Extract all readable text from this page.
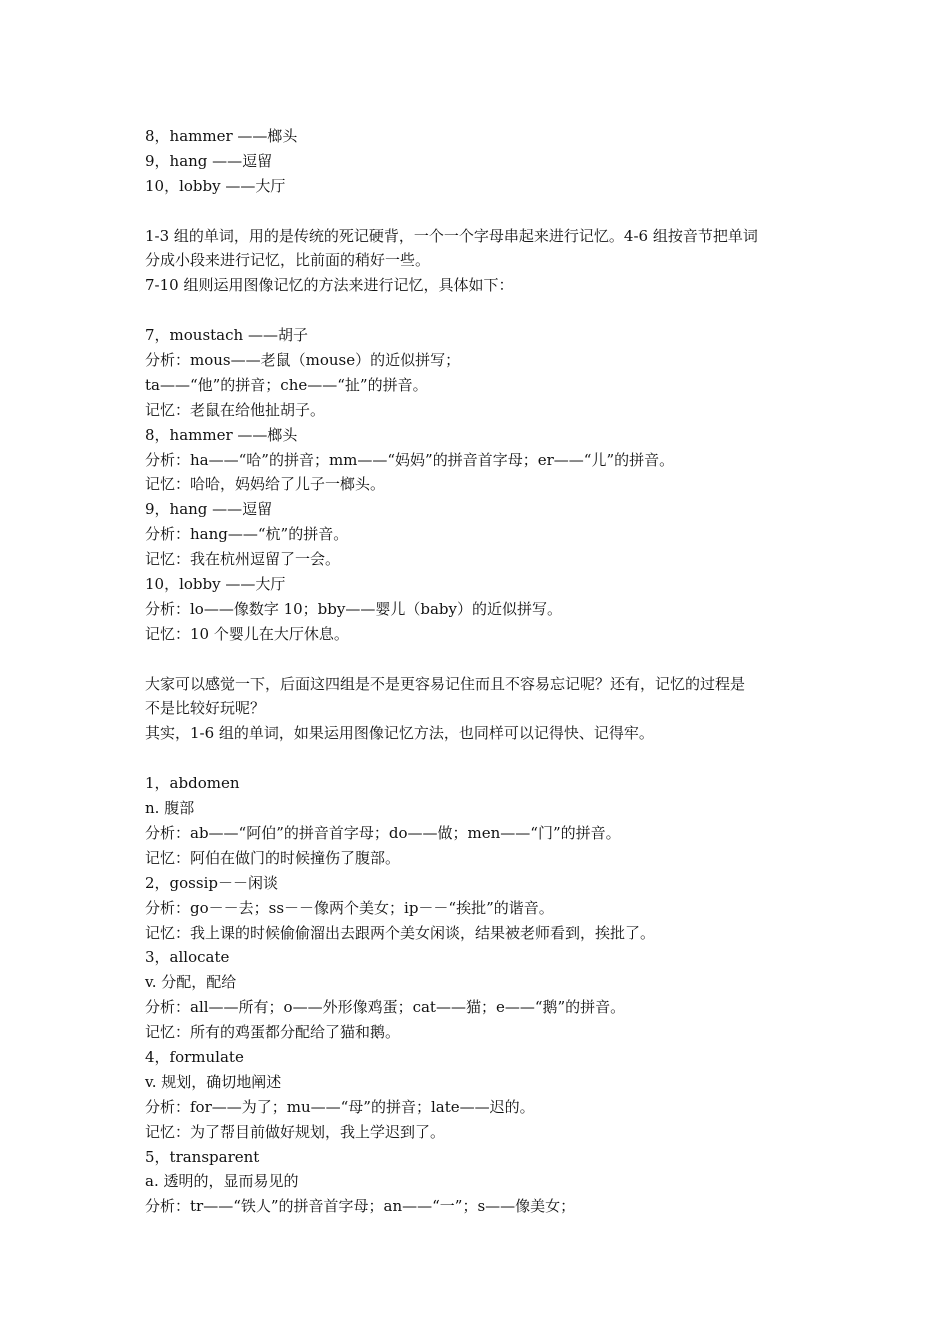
8，hammer ——榔头
9，hang ——逗留
10，lobby ——大厅
1-3 组的单词，用的是传统的死记硬背，一个一个字母串起来进行记忆。4-6 组按音节把单词
分成小段来进行记忆，比前面的稍好一些。
7-10 组则运用图像记忆的方法来进行记忆，具体如下：
7，moustach ——胡子
分析：mous——老鼠（mouse）的近似拼写；
ta——“他”的拼音；che——“扯”的拼音。
记忆：老鼠在给他扯胡子。
8，hammer ——榔头
分析：ha——“哈”的拼音；mm——“妈妈”的拼音首字母；er——“儿”的拼音。
记忆：哈哈，妈妈给了儿子一榔头。
9，hang ——逗留
分析：hang——“杭”的拼音。
记忆：我在杭州逗留了一会。
10，lobby ——大厅
分析：lo——像数字 10；bby——婴儿（baby）的近似拼写。
记忆：10 个婴儿在大厅休息。
大家可以感觉一下，后面这四组是不是更容易记住而且不容易忘记呢？还有，记忆的过程是
不是比较好玩呢？
其实，1-6 组的单词，如果运用图像记忆方法，也同样可以记得快、记得牢。
1，abdomen
n. 腹部
分析：ab——“阿伯”的拼音首字母；do——做；men——“门”的拼音。
记忆：阿伯在做门的时候撞伤了腹部。
2，gossip－－闲谈
分析：go－－去；ss－－像两个美女；ip－－“挨批”的谐音。
记忆：我上课的时候偷偷溜出去跟两个美女闲谈，结果被老师看到，挨批了。
3，allocate
v. 分配，配给
分析：all——所有；o——外形像鸡蛋；cat——猫；e——“鹅”的拼音。
记忆：所有的鸡蛋都分配给了猫和鹅。
4，formulate
v. 规划，确切地阐述
分析：for——为了；mu——“母”的拼音；late——迟的。
记忆：为了帮目前做好规划，我上学迟到了。
5，transparent
a. 透明的，显而易见的
分析：tr——“铁人”的拼音首字母；an——“一”；s——像美女；
